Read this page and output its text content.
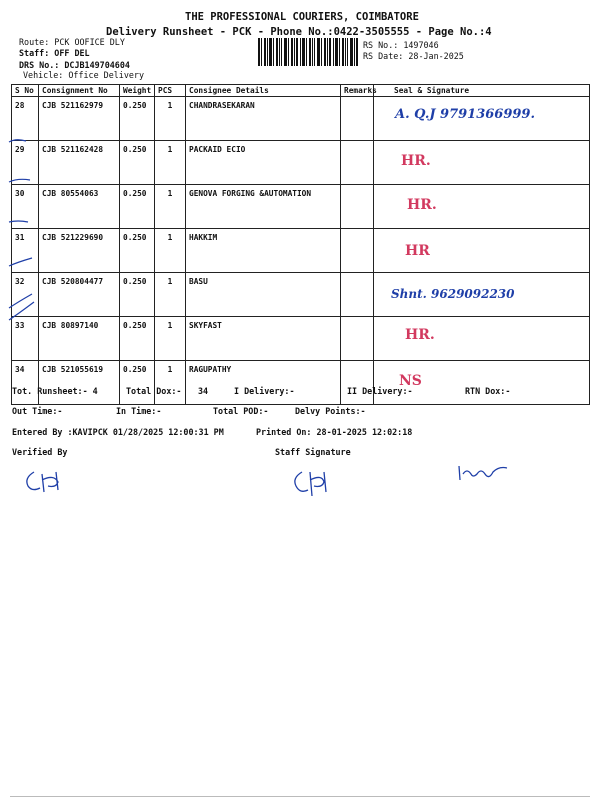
THE PROFESSIONAL COURIERS, COIMBATORE
Delivery Runsheet - PCK - Phone No.:0422-3505555 - Page No.:4
Route: PCK OOFICE DLY
Staff: OFF DEL
DRS No.: DCJB149704604
Vehicle: Office Delivery
RS No.: 1497046
RS Date: 28-Jan-2025
S No	Consignment No	Weight	PCS	Consignee Details	Remarks	Seal & Signature
28	CJB 521162979	0.250	1	CHANDRASEKARAN		A. Q.J 9791366999.
29	CJB 521162428	0.250	1	PACKAID ECIO		HR.
30	CJB 80554063	0.250	1	GENOVA FORGING &AUTOMATION		HR.
31	CJB 521229690	0.250	1	HAKKIM		HR
32	CJB 520804477	0.250	1	BASU		Shnt. 9629092230
33	CJB 80897140	0.250	1	SKYFAST		HR.
34	CJB 521055619	0.250	1	RAGUPATHY		NS
Tot. Runsheet:- 4	Total Dox:- 34	I Delivery:-	II Delivery:-	RTN Dox:-
Out Time:-	In Time:-	Total POD:-	Delvy Points:-
Entered By :KAVIPCK 01/28/2025 12:00:31 PM	Printed On: 28-01-2025 12:02:18
Verified By	Staff Signature
